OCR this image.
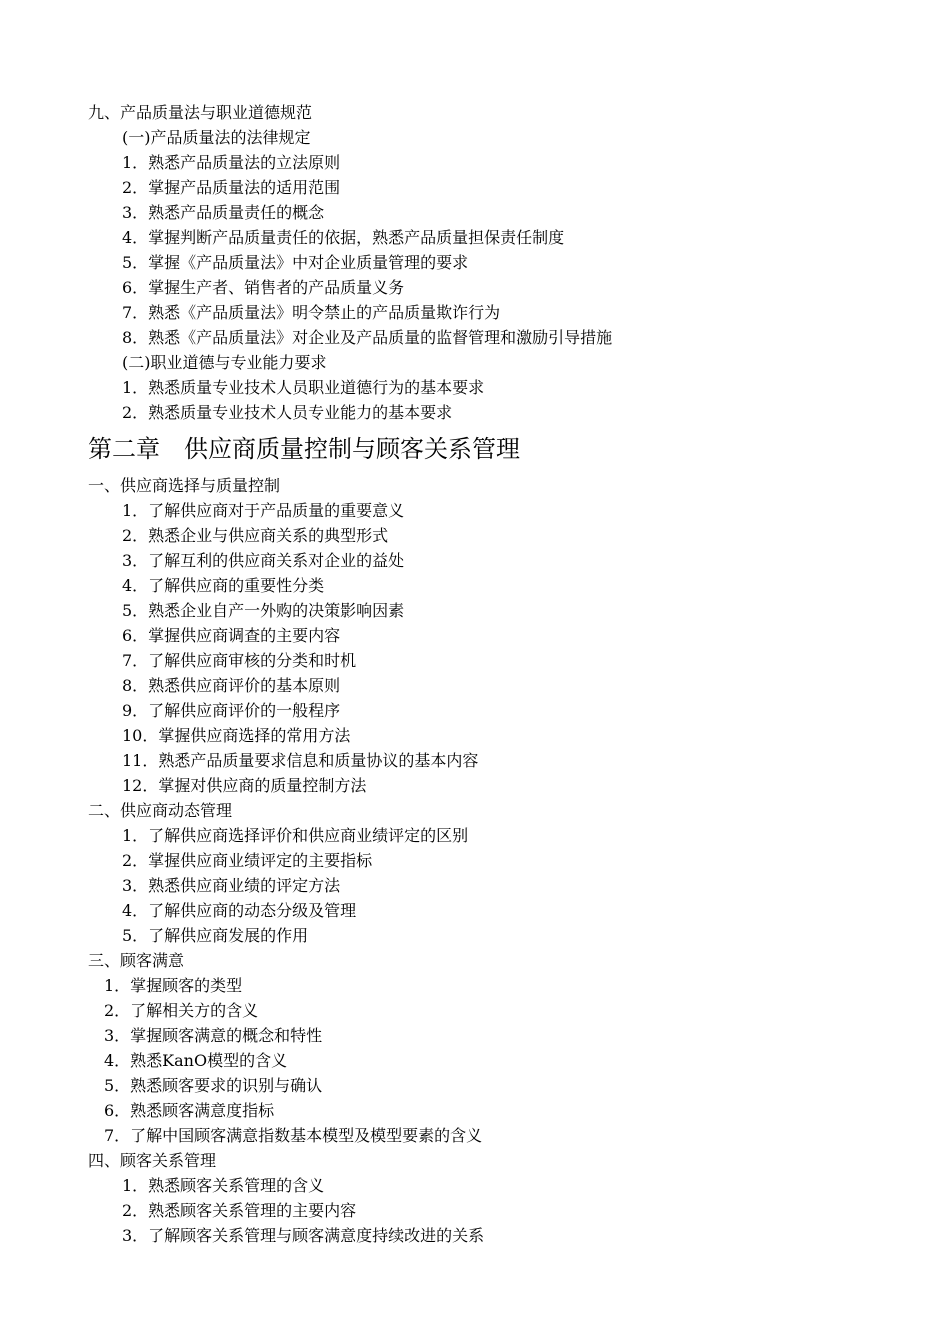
九、产品质量法与职业道德规范
(一)产品质量法的法律规定
1．熟悉产品质量法的立法原则
2．掌握产品质量法的适用范围
3．熟悉产品质量责任的概念
4．掌握判断产品质量责任的依据，熟悉产品质量担保责任制度
5．掌握《产品质量法》中对企业质量管理的要求
6．掌握生产者、销售者的产品质量义务
7．熟悉《产品质量法》明令禁止的产品质量欺诈行为
8．熟悉《产品质量法》对企业及产品质量的监督管理和激励引导措施
(二)职业道德与专业能力要求
1．熟悉质量专业技术人员职业道德行为的基本要求
2．熟悉质量专业技术人员专业能力的基本要求
第二章　供应商质量控制与顾客关系管理
一、供应商选择与质量控制
1．了解供应商对于产品质量的重要意义
2．熟悉企业与供应商关系的典型形式
3．了解互利的供应商关系对企业的益处
4．了解供应商的重要性分类
5．熟悉企业自产一外购的决策影响因素
6．掌握供应商调查的主要内容
7．了解供应商审核的分类和时机
8．熟悉供应商评价的基本原则
9．了解供应商评价的一般程序
10．掌握供应商选择的常用方法
11．熟悉产品质量要求信息和质量协议的基本内容
12．掌握对供应商的质量控制方法
二、供应商动态管理
1．了解供应商选择评价和供应商业绩评定的区别
2．掌握供应商业绩评定的主要指标
3．熟悉供应商业绩的评定方法
4．了解供应商的动态分级及管理
5．了解供应商发展的作用
三、顾客满意
1．掌握顾客的类型
2．了解相关方的含义
3．掌握顾客满意的概念和特性
4．熟悉KanO模型的含义
5．熟悉顾客要求的识别与确认
6．熟悉顾客满意度指标
7．了解中国顾客满意指数基本模型及模型要素的含义
四、顾客关系管理
1．熟悉顾客关系管理的含义
2．熟悉顾客关系管理的主要内容
3．了解顾客关系管理与顾客满意度持续改进的关系
